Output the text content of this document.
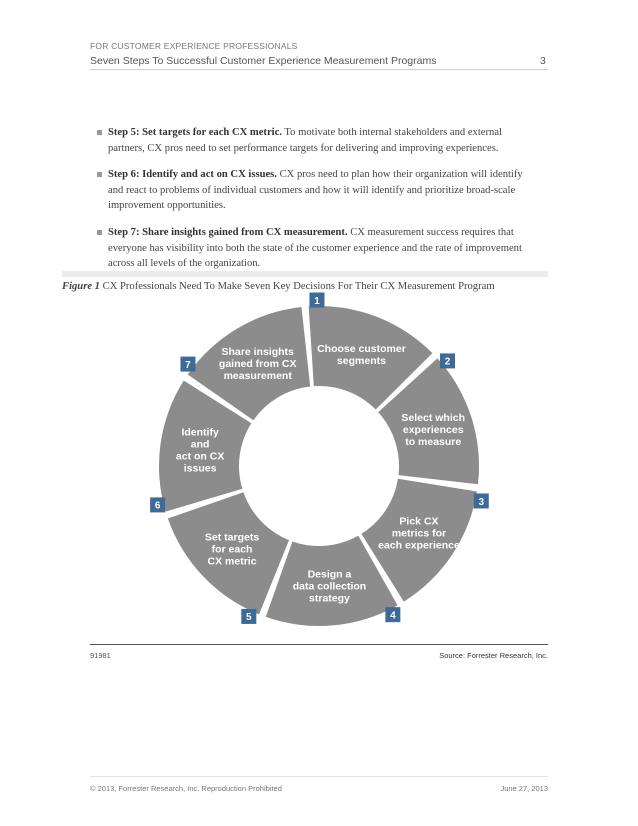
FOR CUSTOMER EXPERIENCE PROFESSIONALS
Seven Steps To Successful Customer Experience Measurement Programs	3
Step 5: Set targets for each CX metric. To motivate both internal stakeholders and external partners, CX pros need to set performance targets for delivering and improving experiences.
Step 6: Identify and act on CX issues. CX pros need to plan how their organization will identify and react to problems of individual customers and how it will identify and prioritize broad-scale improvement opportunities.
Step 7: Share insights gained from CX measurement. CX measurement success requires that everyone has visibility into both the state of the customer experience and the rate of improvement across all levels of the organization.
Figure 1 CX Professionals Need To Make Seven Key Decisions For Their CX Measurement Program
Choose customer segments
Select which experiences to measure
Pick CX metrics for each experience
Design a data collection strategy
Set targets for each CX metric
Identify and act on CX issues
Share insights gained from CX measurement
1
2
3
4
5
6
7
91981	Source: Forrester Research, Inc.
© 2013, Forrester Research, Inc. Reproduction Prohibited	June 27, 2013
